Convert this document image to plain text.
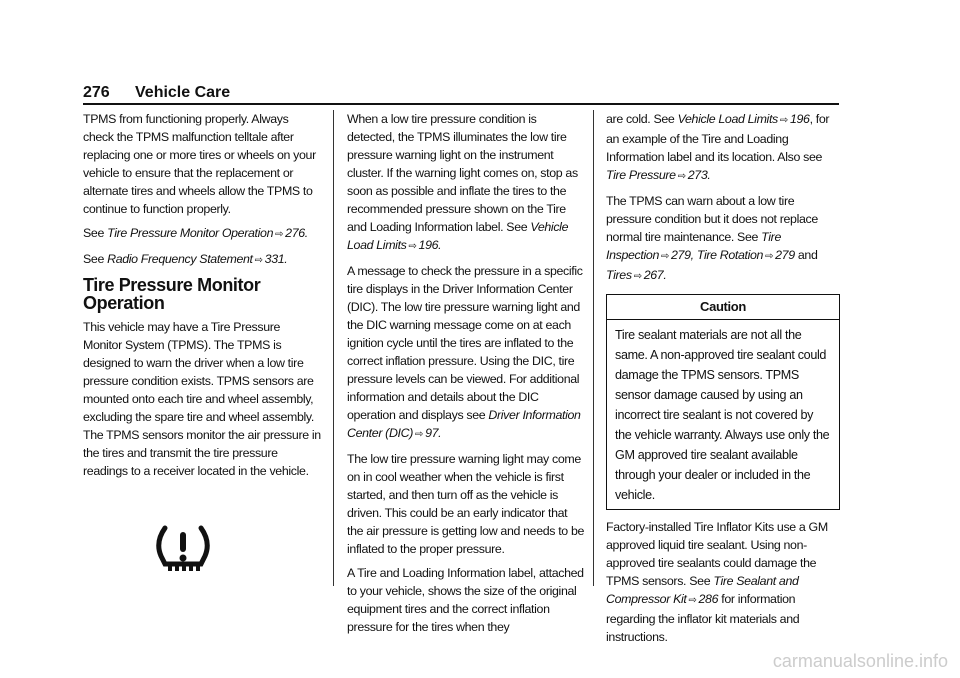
276 Vehicle Care

TPMS from functioning properly. Always check the TPMS malfunction telltale after replacing one or more tires or wheels on your vehicle to ensure that the replacement or alternate tires and wheels allow the TPMS to continue to function properly.

See Tire Pressure Monitor Operation ⇨ 276.

See Radio Frequency Statement ⇨ 331.

Tire Pressure Monitor Operation

This vehicle may have a Tire Pressure Monitor System (TPMS). The TPMS is designed to warn the driver when a low tire pressure condition exists. TPMS sensors are mounted onto each tire and wheel assembly, excluding the spare tire and wheel assembly. The TPMS sensors monitor the air pressure in the tires and transmit the tire pressure readings to a receiver located in the vehicle.

When a low tire pressure condition is detected, the TPMS illuminates the low tire pressure warning light on the instrument cluster. If the warning light comes on, stop as soon as possible and inflate the tires to the recommended pressure shown on the Tire and Loading Information label. See Vehicle Load Limits ⇨ 196.

A message to check the pressure in a specific tire displays in the Driver Information Center (DIC). The low tire pressure warning light and the DIC warning message come on at each ignition cycle until the tires are inflated to the correct inflation pressure. Using the DIC, tire pressure levels can be viewed. For additional information and details about the DIC operation and displays see Driver Information Center (DIC) ⇨ 97.

The low tire pressure warning light may come on in cool weather when the vehicle is first started, and then turn off as the vehicle is driven. This could be an early indicator that the air pressure is getting low and needs to be inflated to the proper pressure.

A Tire and Loading Information label, attached to your vehicle, shows the size of the original equipment tires and the correct inflation pressure for the tires when they

are cold. See Vehicle Load Limits ⇨ 196, for an example of the Tire and Loading Information label and its location. Also see Tire Pressure ⇨ 273.

The TPMS can warn about a low tire pressure condition but it does not replace normal tire maintenance. See Tire Inspection ⇨ 279, Tire Rotation ⇨ 279 and Tires ⇨ 267.

Caution
Tire sealant materials are not all the same. A non-approved tire sealant could damage the TPMS sensors. TPMS sensor damage caused by using an incorrect tire sealant is not covered by the vehicle warranty. Always use only the GM approved tire sealant available through your dealer or included in the vehicle.

Factory-installed Tire Inflator Kits use a GM approved liquid tire sealant. Using non-approved tire sealants could damage the TPMS sensors. See Tire Sealant and Compressor Kit ⇨ 286 for information regarding the inflator kit materials and instructions.

carmanualsonline.info
